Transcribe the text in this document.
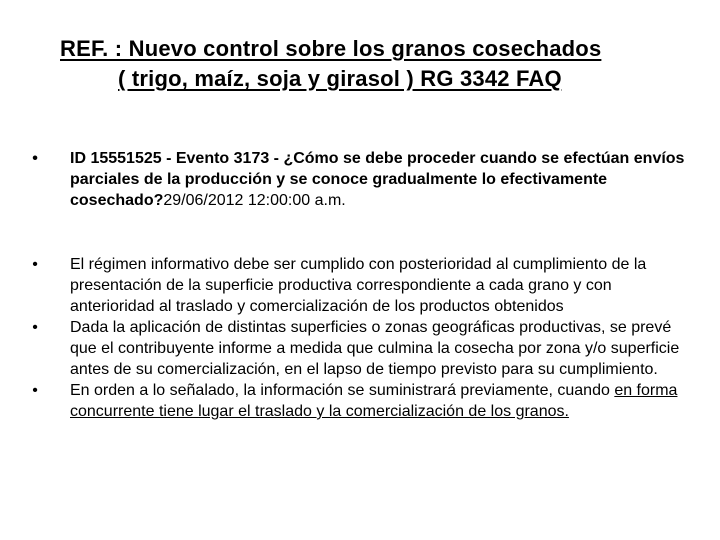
REF. : Nuevo control sobre los granos cosechados
( trigo, maíz, soja y girasol ) RG 3342 FAQ
• ID 15551525 - Evento 3173 - ¿Cómo se debe proceder cuando se efectúan envíos parciales de la producción y se conoce gradualmente lo efectivamente cosechado?29/06/2012 12:00:00 a.m.
• El régimen informativo debe ser cumplido con posterioridad al cumplimiento de la presentación de la superficie productiva correspondiente a cada grano y con anterioridad al traslado y comercialización de los productos obtenidos
• Dada la aplicación de distintas superficies o zonas geográficas productivas, se prevé que el contribuyente informe a medida que culmina la cosecha por zona y/o superficie antes de su comercialización, en el lapso de tiempo previsto para su cumplimiento.
• En orden a lo señalado, la información se suministrará previamente, cuando en forma concurrente tiene lugar el traslado y la comercialización de los granos.
